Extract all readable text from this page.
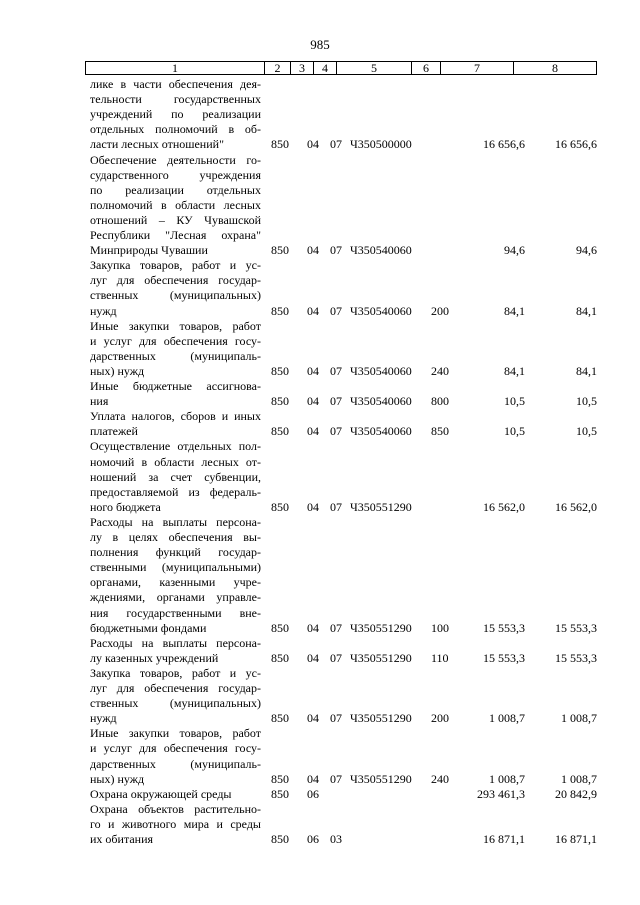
985
1	2	3	4	5	6	7	8
лике в части обеспечения дея-
тельности государственных
учреждений по реализации
отдельных полномочий в об-
ласти лесных отношений"	850 04 07 Ч350500000	16 656,6	16 656,6
Обеспечение деятельности го-
сударственного учреждения
по реализации отдельных
полномочий в области лесных
отношений – КУ Чувашской
Республики "Лесная охрана"
Минприроды Чувашии	850 04 07 Ч350540060	94,6	94,6
Закупка товаров, работ и ус-
луг для обеспечения государ-
ственных (муниципальных)
нужд	850 04 07 Ч350540060 200	84,1	84,1
Иные закупки товаров, работ
и услуг для обеспечения госу-
дарственных (муниципаль-
ных) нужд	850 04 07 Ч350540060 240	84,1	84,1
Иные бюджетные ассигнова-
ния	850 04 07 Ч350540060 800	10,5	10,5
Уплата налогов, сборов и иных
платежей	850 04 07 Ч350540060 850	10,5	10,5
Осуществление отдельных пол-
номочий в области лесных от-
ношений за счет субвенции,
предоставляемой из федераль-
ного бюджета	850 04 07 Ч350551290	16 562,0	16 562,0
Расходы на выплаты персона-
лу в целях обеспечения вы-
полнения функций государ-
ственными (муниципальными)
органами, казенными учре-
ждениями, органами управле-
ния государственными вне-
бюджетными фондами	850 04 07 Ч350551290 100	15 553,3	15 553,3
Расходы на выплаты персона-
лу казенных учреждений	850 04 07 Ч350551290 110	15 553,3	15 553,3
Закупка товаров, работ и ус-
луг для обеспечения государ-
ственных (муниципальных)
нужд	850 04 07 Ч350551290 200	1 008,7	1 008,7
Иные закупки товаров, работ
и услуг для обеспечения госу-
дарственных (муниципаль-
ных) нужд	850 04 07 Ч350551290 240	1 008,7	1 008,7
Охрана окружающей среды	850 06	293 461,3	20 842,9
Охрана объектов растительно-
го и животного мира и среды
их обитания	850 06 03	16 871,1	16 871,1
